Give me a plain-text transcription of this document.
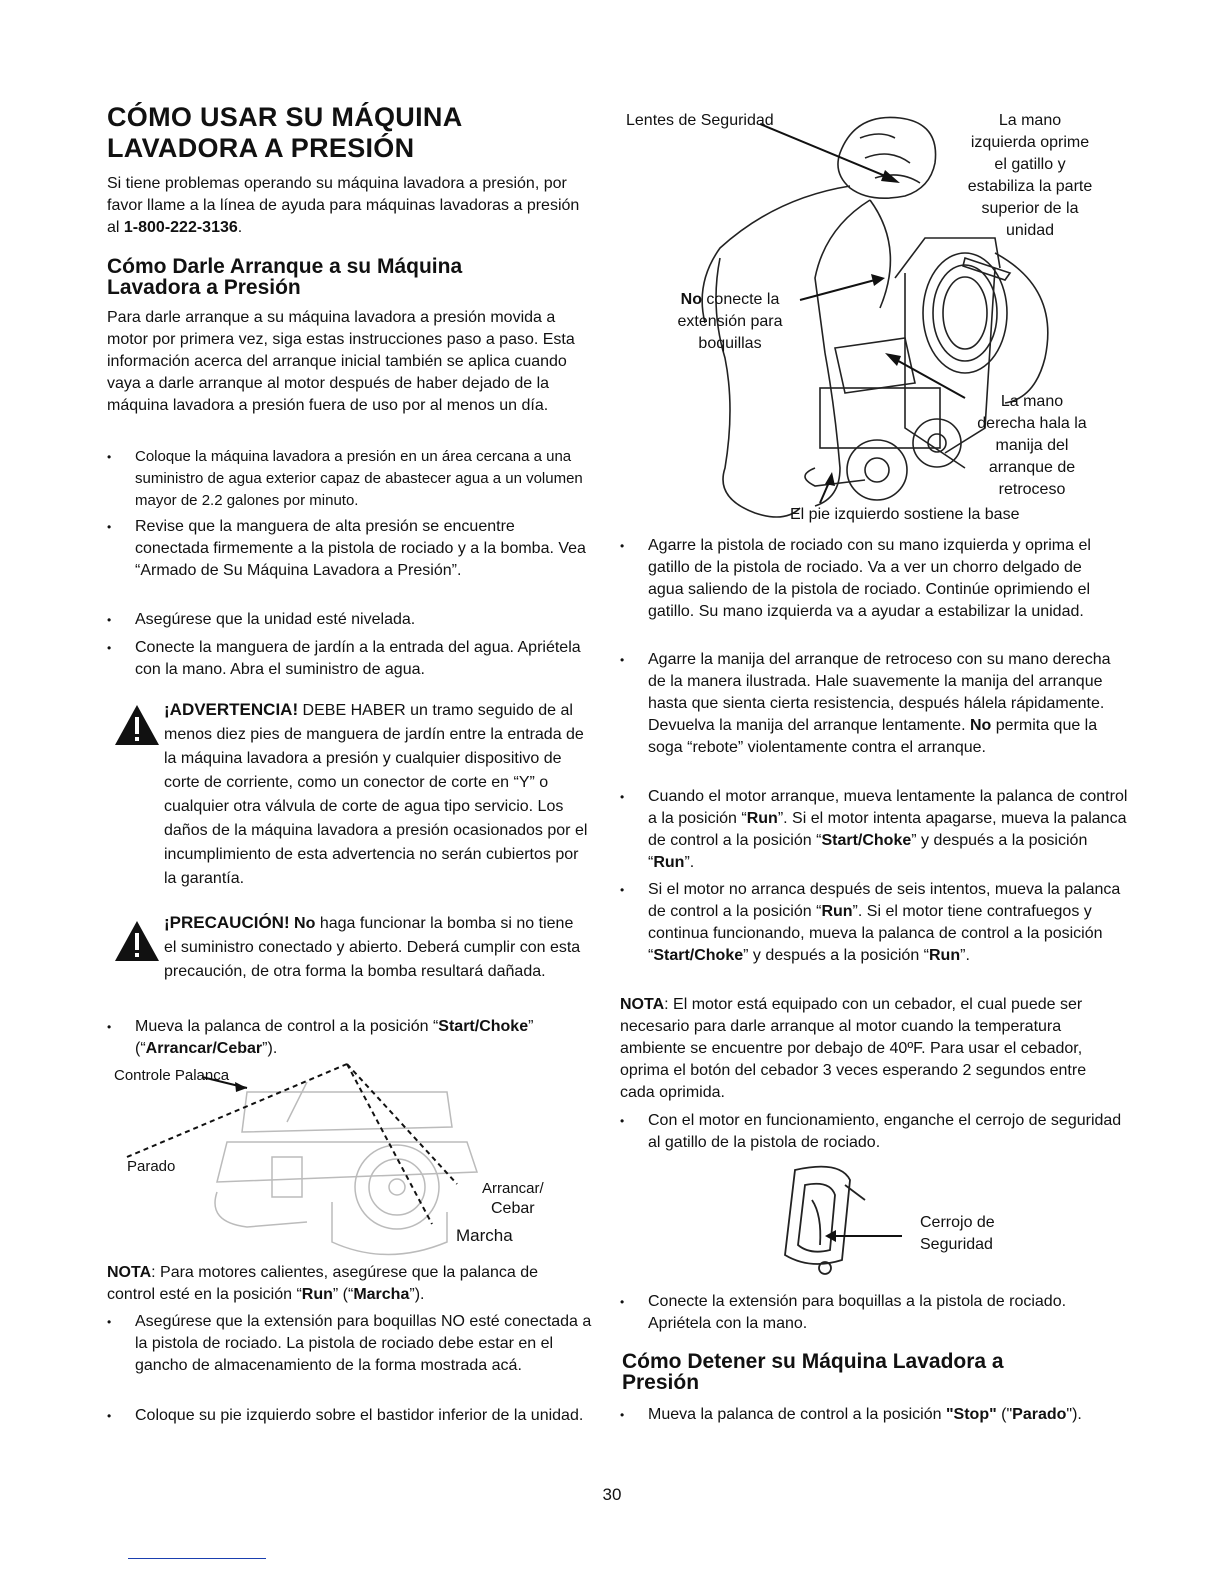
CÓMO USAR SU MÁQUINA
LAVADORA A PRESIÓN

Si tiene problemas operando su máquina lavadora a presión, por favor llame a la línea de ayuda para máquinas lavadoras a presión al 1-800-222-3136.

Cómo Darle Arranque a su Máquina
Lavadora a Presión

Para darle arranque a su máquina lavadora a presión movida a motor por primera vez, siga estas instrucciones paso a paso. Esta información acerca del arranque inicial también se aplica cuando vaya a darle arranque al motor después de haber dejado de la máquina lavadora a presión fuera de uso por al menos un día.

• Coloque la máquina lavadora a presión en un área cercana a una suministro de agua exterior capaz de abastecer agua a un volumen mayor de 2.2 galones por minuto.
• Revise que la manguera de alta presión se encuentre conectada firmemente a la pistola de rociado y a la bomba. Vea “Armado de Su Máquina Lavadora a Presión”.
• Asegúrese que la unidad esté nivelada.
• Conecte la manguera de jardín a la entrada del agua. Apriétela con la mano. Abra el suministro de agua.

¡ADVERTENCIA! DEBE HABER un tramo seguido de al menos diez pies de manguera de jardín entre la entrada de la máquina lavadora a presión y cualquier dispositivo de corte de corriente, como un conector de corte en “Y” o cualquier otra válvula de corte de agua tipo servicio. Los daños de la máquina lavadora a presión ocasionados por el incumplimiento de esta advertencia no serán cubiertos por la garantía.

¡PRECAUCIÓN! No haga funcionar la bomba si no tiene el suministro conectado y abierto. Deberá cumplir con esta precaución, de otra forma la bomba resultará dañada.

• Mueva la palanca de control a la posición “Start/Choke” (“Arrancar/Cebar”).
Controle Palanca
Parado
Arrancar/
Cebar
Marcha

NOTA: Para motores calientes, asegúrese que la palanca de control esté en la posición “Run” (“Marcha”).

• Asegúrese que la extensión para boquillas NO esté conectada a la pistola de rociado. La pistola de rociado debe estar en el gancho de almacenamiento de la forma mostrada acá.
• Coloque su pie izquierdo sobre el bastidor inferior de la unidad.
Lentes de Seguridad	La mano
izquierda oprime
el gatillo y
estabiliza la parte
superior de la
unidad
No conecte la
extensión para
boquillas
La mano
derecha hala la
manija del
arranque de
retroceso
El pie izquierdo sostiene la base
• Agarre la pistola de rociado con su mano izquierda y oprima el gatillo de la pistola de rociado. Va a ver un chorro delgado de agua saliendo de la pistola de rociado. Continúe oprimiendo el gatillo. Su mano izquierda va a ayudar a estabilizar la unidad.
• Agarre la manija del arranque de retroceso con su mano derecha de la manera ilustrada. Hale suavemente la manija del arranque hasta que sienta cierta resistencia, después hálela rápidamente. Devuelva la manija del arranque lentamente. No permita que la soga “rebote” violentamente contra el arranque.
• Cuando el motor arranque, mueva lentamente la palanca de control a la posición “Run”. Si el motor intenta apagarse, mueva la palanca de control a la posición “Start/Choke” y después a la posición “Run”.
• Si el motor no arranca después de seis intentos, mueva la palanca de control a la posición “Run”. Si el motor tiene contrafuegos y continua funcionando, mueva la palanca de control a la posición “Start/Choke” y después a la posición “Run”.

NOTA: El motor está equipado con un cebador, el cual puede ser necesario para darle arranque al motor cuando la temperatura ambiente se encuentre por debajo de 40ºF. Para usar el cebador, oprima el botón del cebador 3 veces esperando 2 segundos entre cada oprimida.

• Con el motor en funcionamiento, enganche el cerrojo de seguridad al gatillo de la pistola de rociado.
Cerrojo de
Seguridad
• Conecte la extensión para boquillas a la pistola de rociado. Apriétela con la mano.
Cómo Detener su Máquina Lavadora a
Presión
• Mueva la palanca de control a la posición "Stop" ("Parado").
30
